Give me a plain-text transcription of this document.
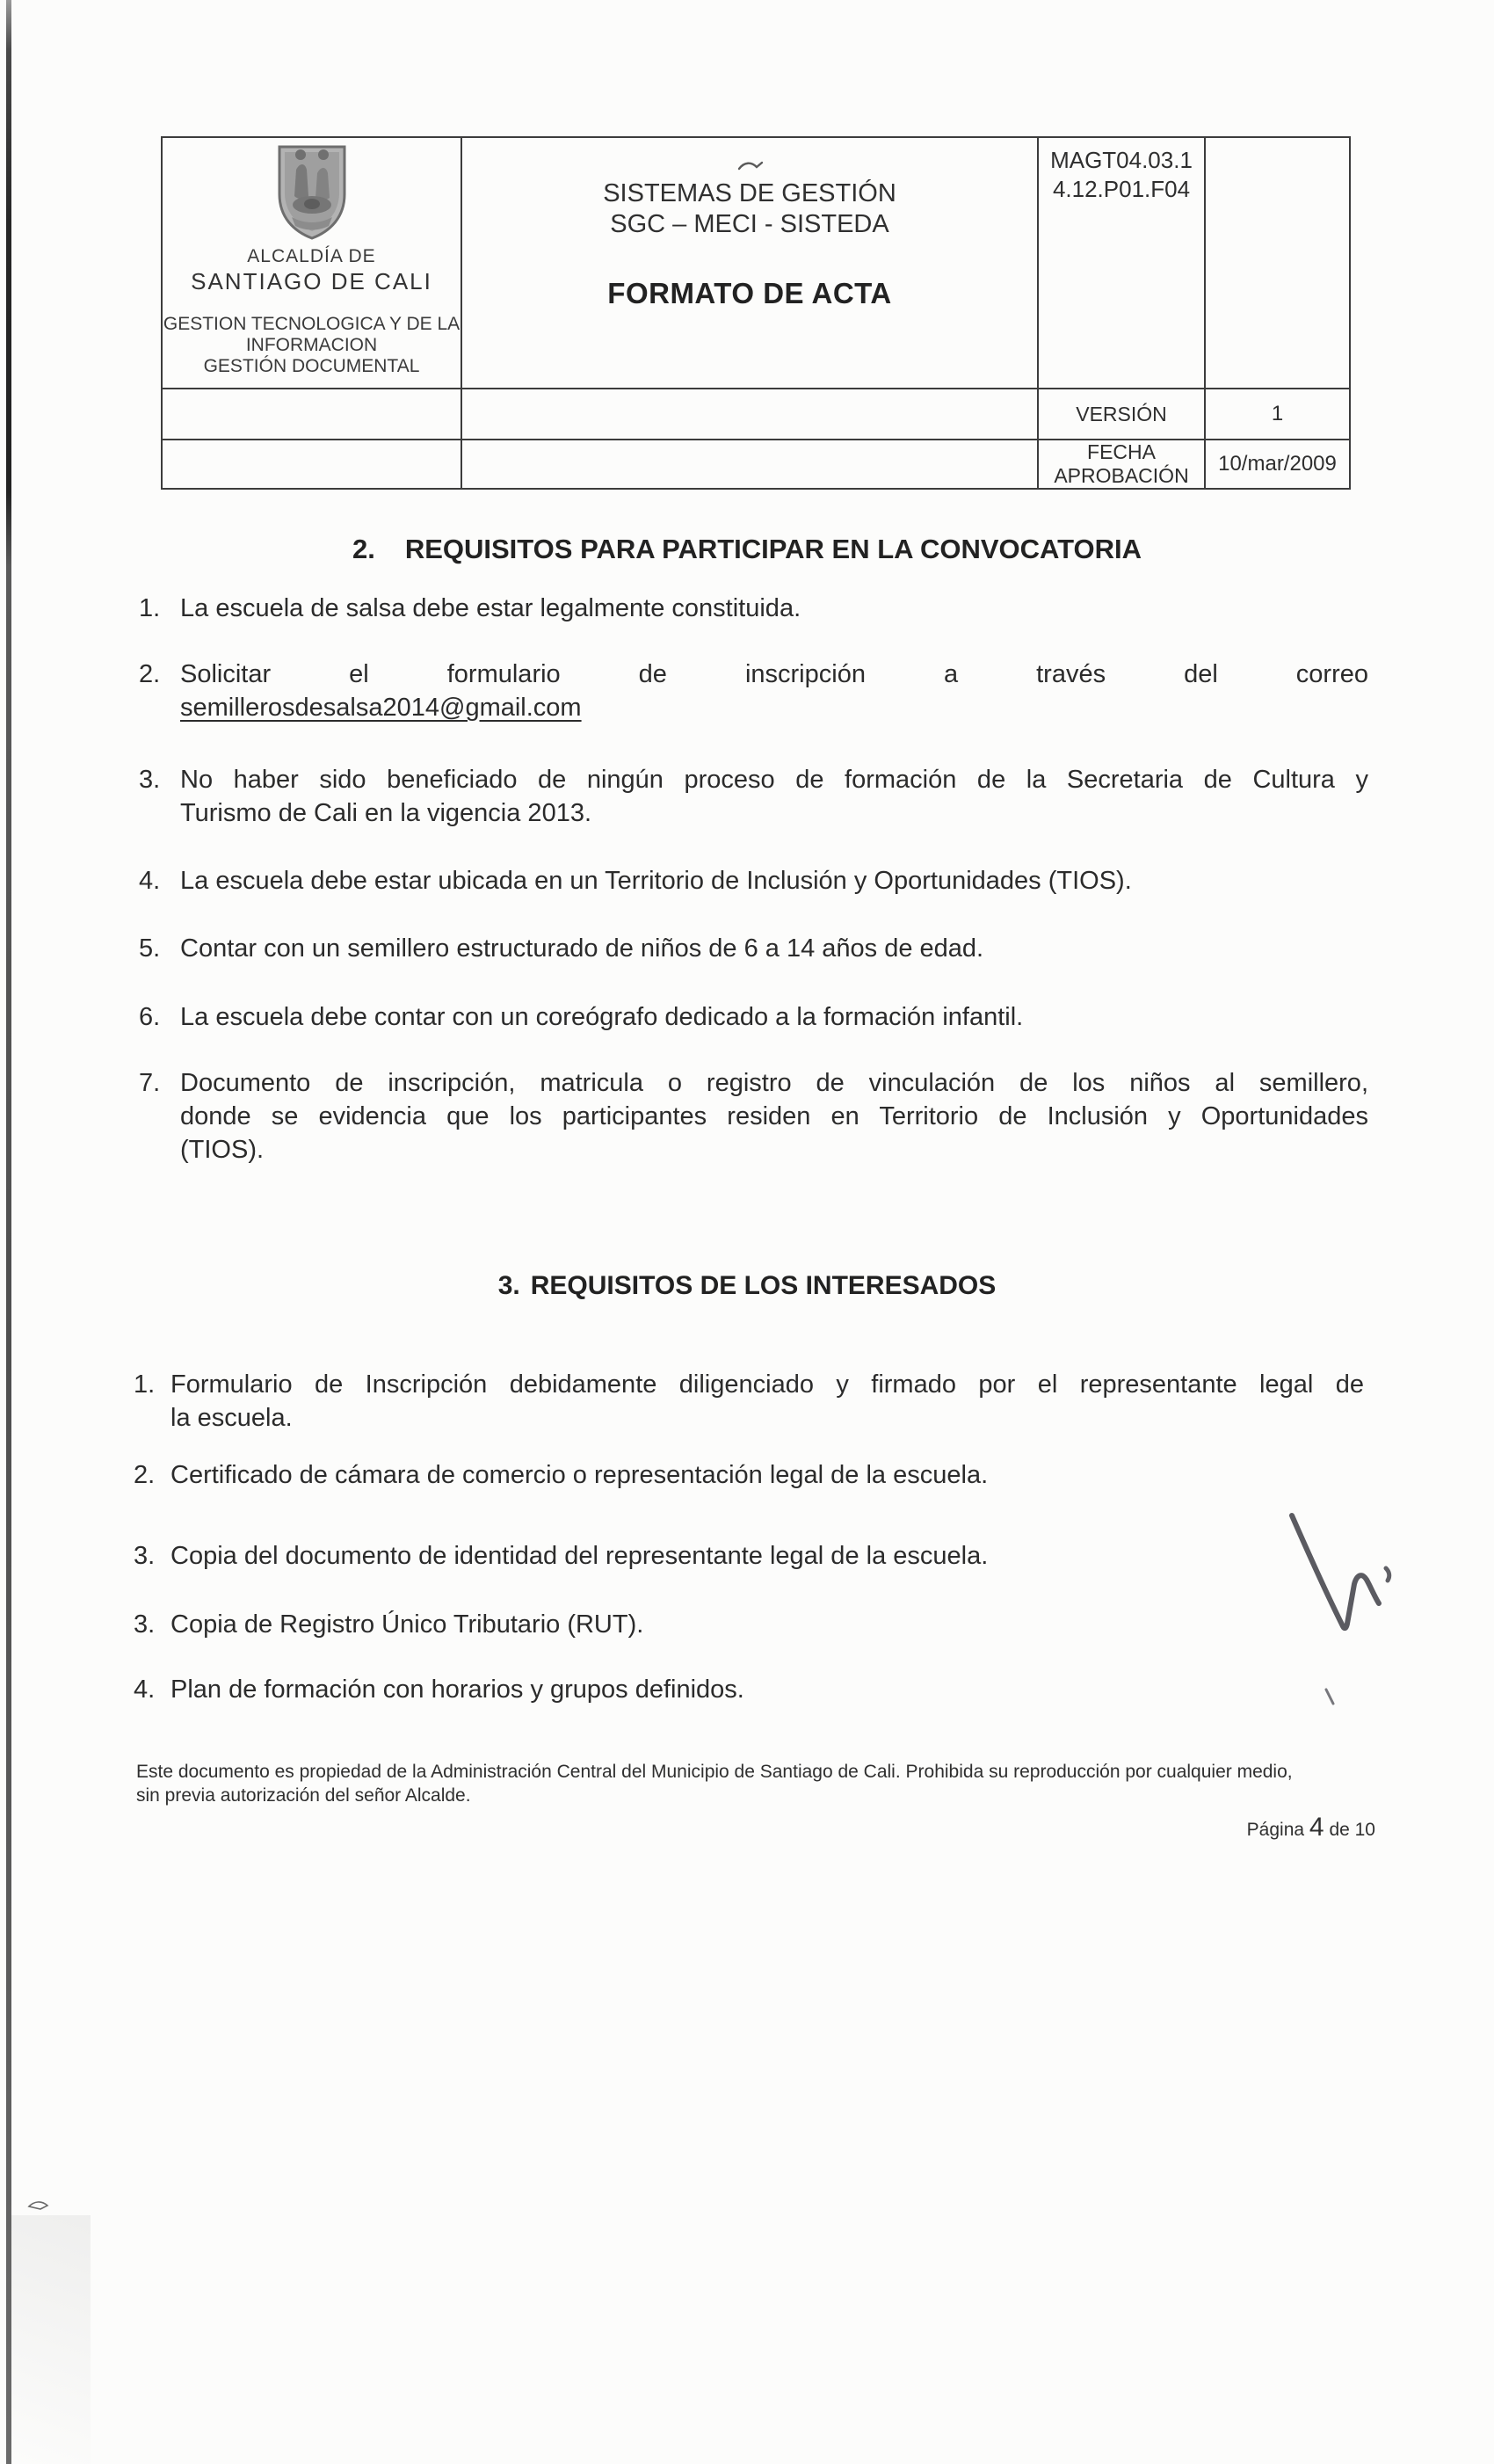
ALCALDÍA DE
SANTIAGO DE CALI
GESTION TECNOLOGICA Y DE LA
INFORMACION
GESTIÓN DOCUMENTAL
SISTEMAS DE GESTIÓN
SGC – MECI - SISTEDA
FORMATO DE ACTA
MAGT04.03.1
4.12.P01.F04
VERSIÓN	1
FECHA
APROBACIÓN 10/mar/2009
2. REQUISITOS PARA PARTICIPAR EN LA CONVOCATORIA
1. La escuela de salsa debe estar legalmente constituida.
2. Solicitar el formulario de inscripción a través del correo
semillerosdesalsa2014@gmail.com
3. No haber sido beneficiado de ningún proceso de formación de la Secretaria de Cultura y
Turismo de Cali en la vigencia 2013.
4. La escuela debe estar ubicada en un Territorio de Inclusión y Oportunidades (TIOS).
5. Contar con un semillero estructurado de niños de 6 a 14 años de edad.
6. La escuela debe contar con un coreógrafo dedicado a la formación infantil.
7. Documento de inscripción, matricula o registro de vinculación de los niños al semillero,
donde se evidencia que los participantes residen en Territorio de Inclusión y Oportunidades
(TIOS).
3. REQUISITOS DE LOS INTERESADOS
1. Formulario de Inscripción debidamente diligenciado y firmado por el representante legal de
la escuela.
2. Certificado de cámara de comercio o representación legal de la escuela.
3. Copia del documento de identidad del representante legal de la escuela.
3. Copia de Registro Único Tributario (RUT).
4. Plan de formación con horarios y grupos definidos.
Este documento es propiedad de la Administración Central del Municipio de Santiago de Cali. Prohibida su reproducción por cualquier medio,
sin previa autorización del señor Alcalde.
Página 4 de 10
